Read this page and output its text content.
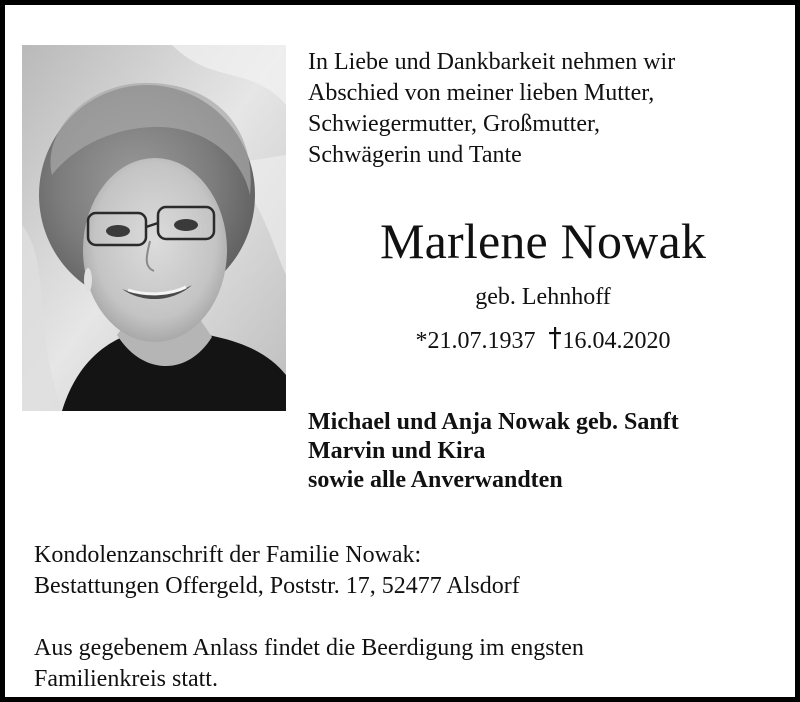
In Liebe und Dankbarkeit nehmen wir
Abschied von meiner lieben Mutter,
Schwiegermutter, Großmutter,
Schwägerin und Tante
Marlene Nowak
geb. Lehnhoff
*21.07.1937 16.04.2020
Michael und Anja Nowak geb. Sanft
Marvin und Kira
sowie alle Anverwandten
Kondolenzanschrift der Familie Nowak:
Bestattungen Offergeld, Poststr. 17, 52477 Alsdorf
Aus gegebenem Anlass findet die Beerdigung im engsten
Familienkreis statt.
